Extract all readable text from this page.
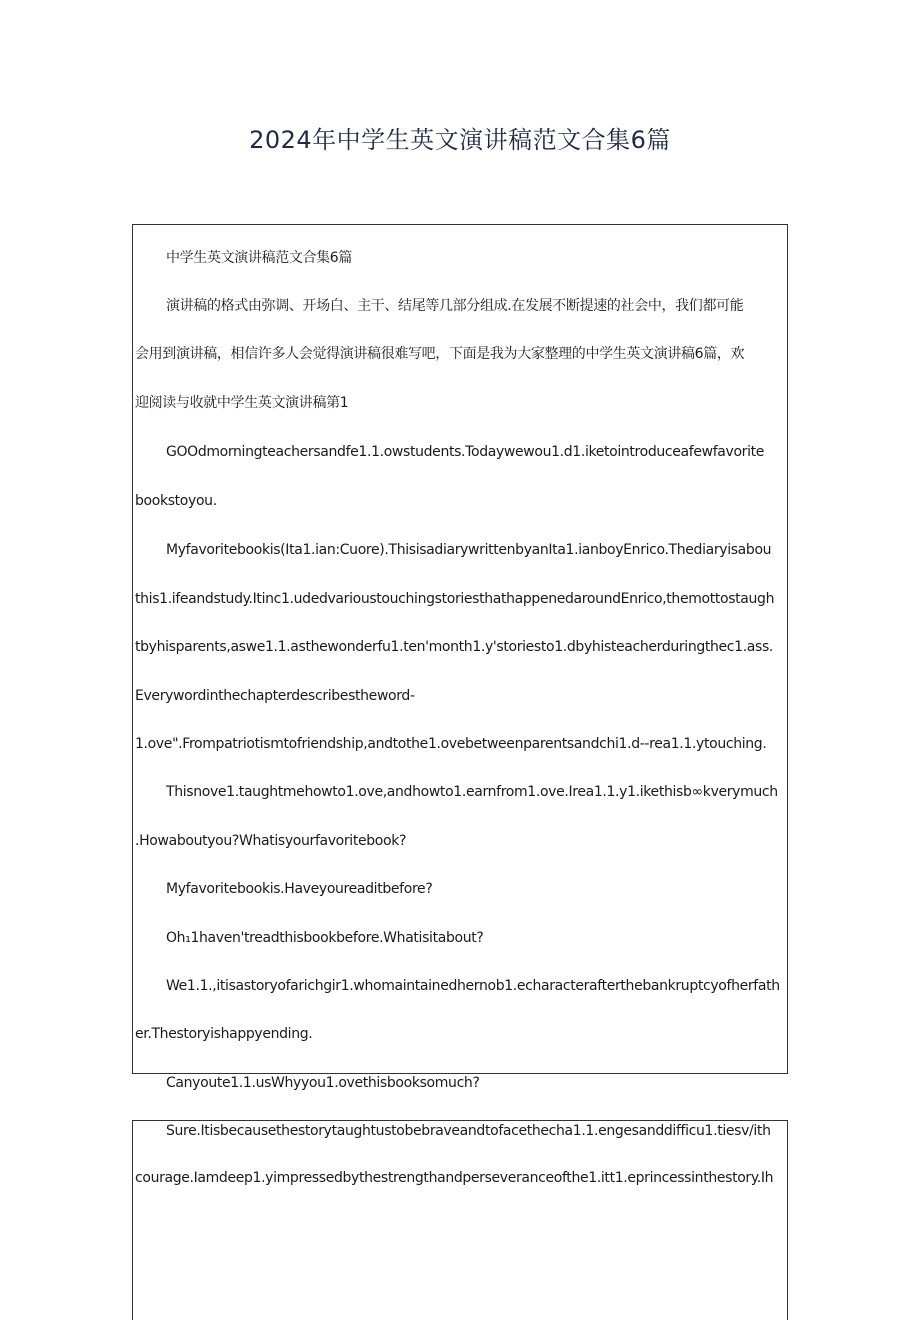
2024年中学生英文演讲稿范文合集6篇
中学生英文演讲稿范文合集6篇
演讲稿的格式由弥调、开场白、主干、结尾等几部分组成.在发展不断提速的社会中，我们都可能
会用到演讲稿，相信许多人会觉得演讲稿很难写吧，下面是我为大家整理的中学生英文演讲稿6篇，欢
迎阅读与收就中学生英文演讲稿第1
GOOdmorningteachersandfe1.1.owstudents.Todaywewou1.d1.iketointroduceafewfavorite
bookstoyou.
Myfavoritebookis(Ita1.ian:Cuore).ThisisadiarywrittenbyanIta1.ianboyEnrico.Thediaryisabou
this1.ifeandstudy.Itinc1.udedvarioustouchingstoriesthathappenedaroundEnrico,themottostaugh
tbyhisparents,aswe1.1.asthewonderfu1.ten'month1.y'storiesto1.dbyhisteacherduringthec1.ass.
Everywordinthechapterdescribestheword-
1.ove".Frompatriotismtofriendship,andtothe1.ovebetweenparentsandchi1.d--rea1.1.ytouching.
Thisnove1.taughtmehowto1.ove,andhowto1.earnfrom1.ove.Irea1.1.y1.ikethisb∞kverymuch
.Howaboutyou?Whatisyourfavoritebook?
Myfavoritebookis.Haveyoureaditbefore?
Oh₁1haven'treadthisbookbefore.Whatisitabout?
We1.1.,itisastoryofarichgir1.whomaintainedhernob1.echaracterafterthebankruptcyofherfath
er.Thestoryishappyending.
Canyoute1.1.usWhyyou1.ovethisbooksomuch?
Sure.Itisbecausethestorytaughtustobebraveandtofacethecha1.1.engesanddifficu1.tiesv/ith
courage.Iamdeep1.yimpressedbythestrengthandperseveranceofthe1.itt1.eprincessinthestory.Ih
